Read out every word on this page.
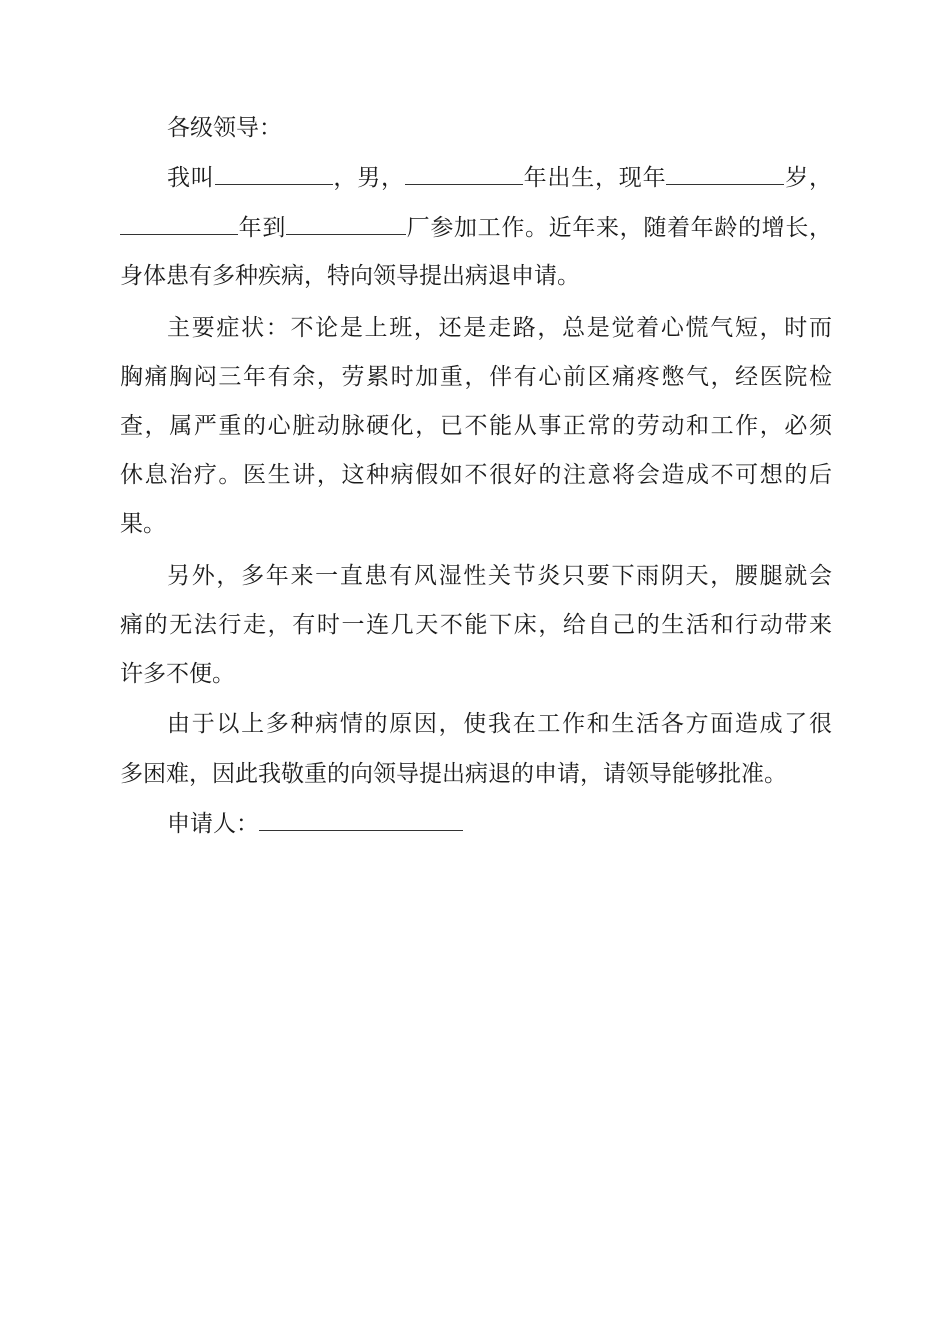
各级领导：
我叫	，男，	年出生，现年	岁，
年到	厂参加工作。近年来，随着年龄的增长，
身体患有多种疾病，特向领导提出病退申请。
主要症状：不论是上班，还是走路，总是觉着心慌气短，时而
胸痛胸闷三年有余，劳累时加重，伴有心前区痛疼憋气，经医院检
查，属严重的心脏动脉硬化，已不能从事正常的劳动和工作，必须
休息治疗。医生讲，这种病假如不很好的注意将会造成不可想的后
果。
另外，多年来一直患有风湿性关节炎只要下雨阴天，腰腿就会
痛的无法行走，有时一连几天不能下床，给自己的生活和行动带来
许多不便。
由于以上多种病情的原因，使我在工作和生活各方面造成了很
多困难，因此我敬重的向领导提出病退的申请，请领导能够批准。
申请人：
